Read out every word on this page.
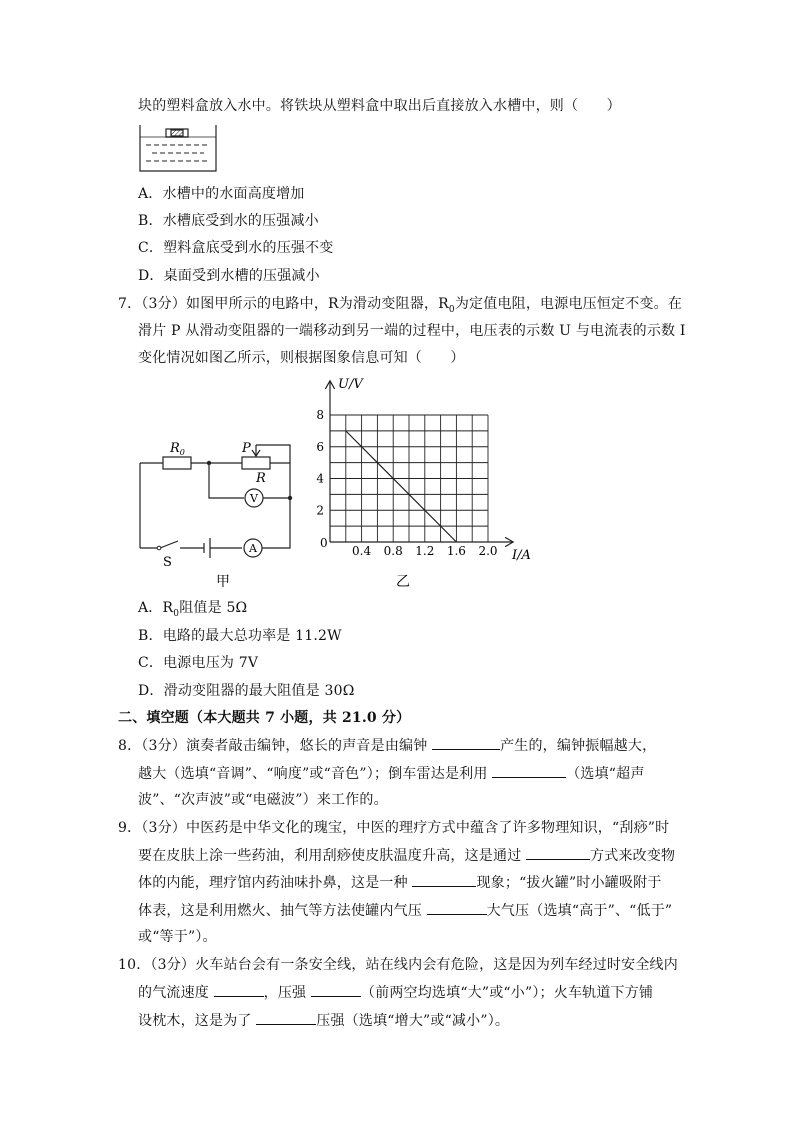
块的塑料盒放入水中。将铁块从塑料盒中取出后直接放入水槽中，则（　　）
A．水槽中的水面高度增加
B．水槽底受到水的压强减小
C．塑料盒底受到水的压强不变
D．桌面受到水槽的压强减小
7．（3分）如图甲所示的电路中，R为滑动变阻器，$R_0$为定值电阻，电源电压恒定不变。在
滑片 P 从滑动变阻器的一端移动到另一端的过程中，电压表的示数 U 与电流表的示数 I
变化情况如图乙所示，则根据图象信息可知（　　）
$R_0$	P
R
V
A
S
甲
U/V
I/A
0
0.4 0.8 1.2 1.6 2.0
2
4
6
8
乙
A．$R_0$阻值是 5Ω
B．电路的最大总功率是 11.2W
C．电源电压为 7V
D．滑动变阻器的最大阻值是 30Ω
二、填空题（本大题共 7 小题，共 21.0 分）
8．（3分）演奏者敲击编钟，悠长的声音是由编钟	产生的，编钟振幅越大，
越大（选填“音调”、“响度”或“音色”）；倒车雷达是利用	（选填“超声
波”、“次声波”或“电磁波”）来工作的。
9．（3分）中医药是中华文化的瑰宝，中医的理疗方式中蕴含了许多物理知识，“刮痧”时
要在皮肤上涂一些药油，利用刮痧使皮肤温度升高，这是通过	方式来改变物
体的内能，理疗馆内药油味扑鼻，这是一种	现象；“拔火罐”时小罐吸附于
体表，这是利用燃火、抽气等方法使罐内气压	大气压（选填“高于”、“低于”
或“等于”）。
10．（3分）火车站台会有一条安全线，站在线内会有危险，这是因为列车经过时安全线内
的气流速度	，压强	（前两空均选填“大”或“小”）；火车轨道下方铺
设枕木，这是为了	压强（选填“增大”或“减小”）。
